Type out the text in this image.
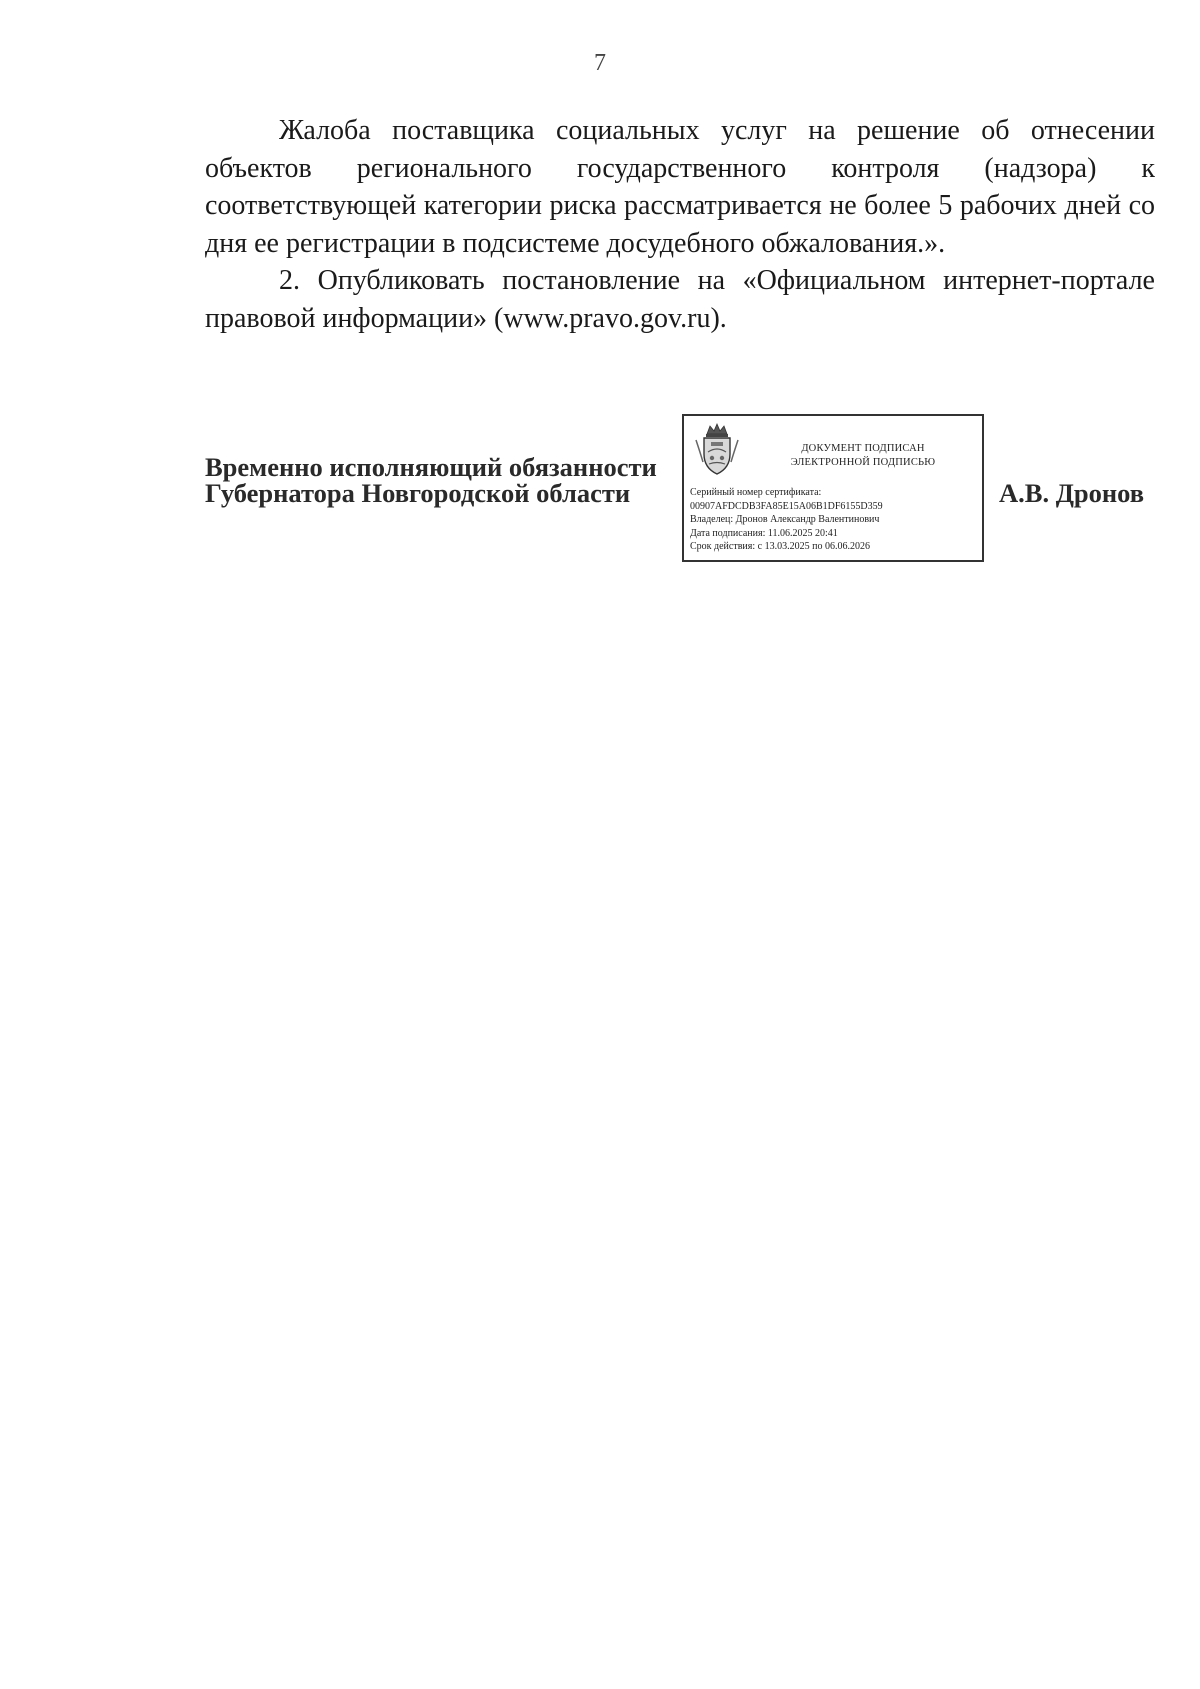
7

Жалоба поставщика социальных услуг на решение об отнесении объектов регионального государственного контроля (надзора) к соответствующей категории риска рассматривается не более 5 рабочих дней со дня ее регистрации в подсистеме досудебного обжалования.».

2. Опубликовать постановление на «Официальном интернет-портале правовой информации» (www.pravo.gov.ru).

Временно исполняющий обязанности
Губернатора Новгородской области
ДОКУМЕНТ ПОДПИСАН
ЭЛЕКТРОННОЙ ПОДПИСЬЮ
Серийный номер сертификата:
00907AFDCDB3FA85E15A06B1DF6155D359
Владелец: Дронов Александр Валентинович
Дата подписания: 11.06.2025 20:41
Срок действия: с 13.03.2025 по 06.06.2026
А.В. Дронов
